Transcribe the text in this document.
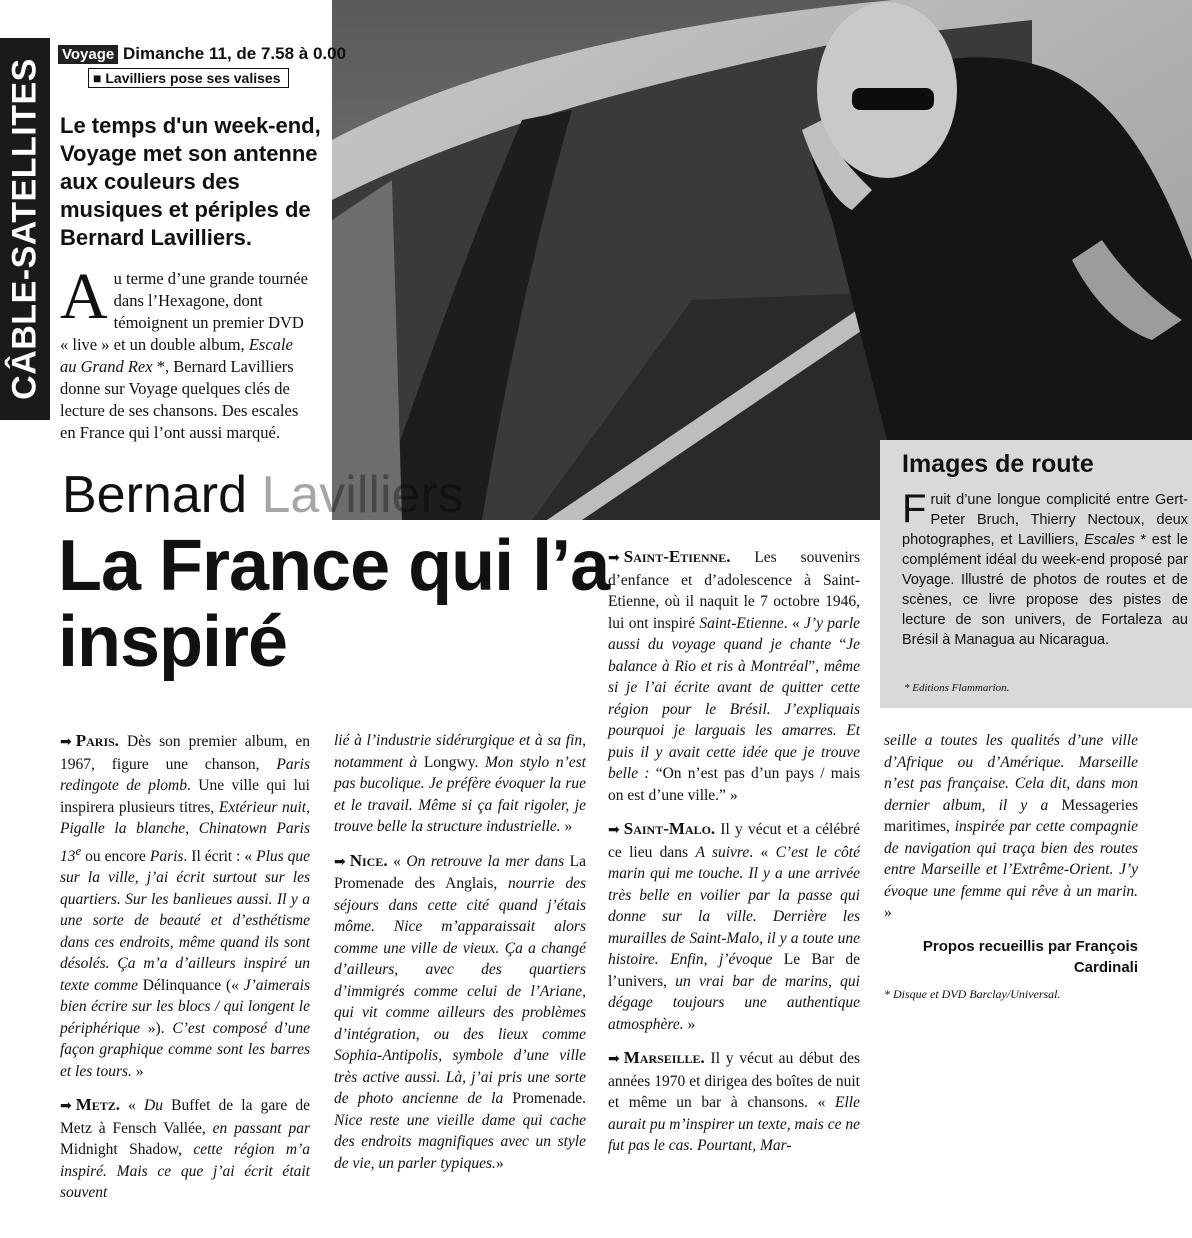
CÂBLE-SATELLITES
Voyage Dimanche 11, de 7.58 à 0.00
■ Lavilliers pose ses valises
Le temps d'un week-end, Voyage met son antenne aux couleurs des musiques et périples de Bernard Lavilliers.
A u terme d’une grande tournée dans l’Hexagone, dont témoignent un premier DVD « live » et un double album, Escale au Grand Rex *, Bernard Lavilliers donne sur Voyage quelques clés de lecture de ses chansons. Des escales en France qui l’ont aussi marqué.
Bernard Lavilliers
La France qui l’a inspiré
Images de route
F ruit d’une longue complicité entre Gert-Peter Bruch, Thierry Nectoux, deux photographes, et Lavilliers, Escales * est le complément idéal du week-end proposé par Voyage. Illustré de photos de routes et de scènes, ce livre propose des pistes de lecture de son univers, de Fortaleza au Brésil à Managua au Nicaragua.
* Editions Flammarion.

➡ Paris. Dès son premier album, en 1967, figure une chanson, Paris redingote de plomb. Une ville qui lui inspirera plusieurs titres, Extérieur nuit, Pigalle la blanche, Chinatown Paris 13e ou encore Paris. Il écrit : « Plus que sur la ville, j’ai écrit surtout sur les quartiers. Sur les banlieues aussi. Il y a une sorte de beauté et d’esthétisme dans ces endroits, même quand ils sont désolés. Ça m’a d’ailleurs inspiré un texte comme Délinquance (« J’aimerais bien écrire sur les blocs / qui longent le périphérique »). C’est composé d’une façon graphique comme sont les barres et les tours. »

➡ Metz. « Du Buffet de la gare de Metz à Fensch Vallée, en passant par Midnight Shadow, cette région m’a inspiré. Mais ce que j’ai écrit était souvent

lié à l’industrie sidérurgique et à sa fin, notamment à Longwy. Mon stylo n’est pas bucolique. Je préfère évoquer la rue et le travail. Même si ça fait rigoler, je trouve belle la structure industrielle. »

➡ Nice. « On retrouve la mer dans La Promenade des Anglais, nourrie des séjours dans cette cité quand j’étais môme. Nice m’apparaissait alors comme une ville de vieux. Ça a changé d’ailleurs, avec des quartiers d’immigrés comme celui de l’Ariane, qui vit comme ailleurs des problèmes d’intégration, ou des lieux comme Sophia-Antipolis, symbole d’une ville très active aussi. Là, j’ai pris une sorte de photo ancienne de la Promenade. Nice reste une vieille dame qui cache des endroits magnifiques avec un style de vie, un parler typiques.»

➡ Saint-Etienne. Les souvenirs d’enfance et d’adolescence à Saint-Etienne, où il naquit le 7 octobre 1946, lui ont inspiré Saint-Etienne. « J’y parle aussi du voyage quand je chante “Je balance à Rio et ris à Montréal”, même si je l’ai écrite avant de quitter cette région pour le Brésil. J’expliquais pourquoi je larguais les amarres. Et puis il y avait cette idée que je trouve belle : “On n’est pas d’un pays / mais on est d’une ville.” »

➡ Saint-Malo. Il y vécut et a célébré ce lieu dans A suivre. « C’est le côté marin qui me touche. Il y a une arrivée très belle en voilier par la passe qui donne sur la ville. Derrière les murailles de Saint-Malo, il y a toute une histoire. Enfin, j’évoque Le Bar de l’univers, un vrai bar de marins, qui dégage toujours une authentique atmosphère. »

➡ Marseille. Il y vécut au début des années 1970 et dirigea des boîtes de nuit et même un bar à chansons. « Elle aurait pu m’inspirer un texte, mais ce ne fut pas le cas. Pourtant, Mar-

seille a toutes les qualités d’une ville d’Afrique ou d’Amérique. Marseille n’est pas française. Cela dit, dans mon dernier album, il y a Messageries maritimes, inspirée par cette compagnie de navigation qui traça bien des routes entre Marseille et l’Extrême-Orient. J’y évoque une femme qui rêve à un marin. »

Propos recueillis par François Cardinali
* Disque et DVD Barclay/Universal.
